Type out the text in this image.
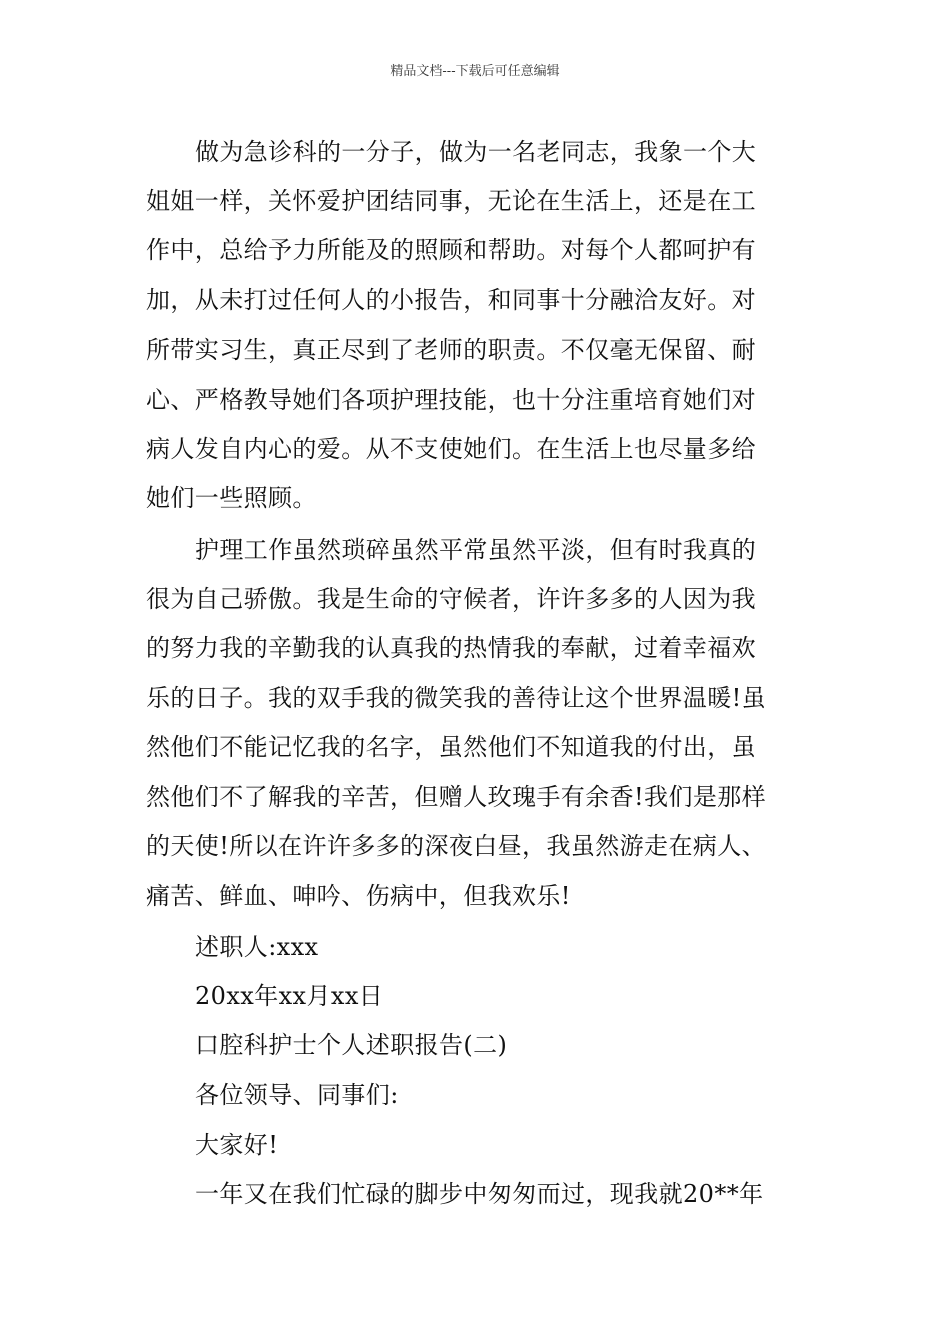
精品文档---下载后可任意编辑
做为急诊科的一分子，做为一名老同志，我象一个大
姐姐一样，关怀爱护团结同事，无论在生活上，还是在工
作中，总给予力所能及的照顾和帮助。对每个人都呵护有
加，从未打过任何人的小报告，和同事十分融洽友好。对
所带实习生，真正尽到了老师的职责。不仅毫无保留、耐
心、严格教导她们各项护理技能，也十分注重培育她们对
病人发自内心的爱。从不支使她们。在生活上也尽量多给
她们一些照顾。
护理工作虽然琐碎虽然平常虽然平淡，但有时我真的
很为自己骄傲。我是生命的守候者，许许多多的人因为我
的努力我的辛勤我的认真我的热情我的奉献，过着幸福欢
乐的日子。我的双手我的微笑我的善待让这个世界温暖!虽
然他们不能记忆我的名字，虽然他们不知道我的付出，虽
然他们不了解我的辛苦，但赠人玫瑰手有余香!我们是那样
的天使!所以在许许多多的深夜白昼，我虽然游走在病人、
痛苦、鲜血、呻吟、伤病中，但我欢乐!
述职人:xxx
20xx年xx月xx日
口腔科护士个人述职报告(二)
各位领导、同事们:
大家好!
一年又在我们忙碌的脚步中匆匆而过，现我就20**年
